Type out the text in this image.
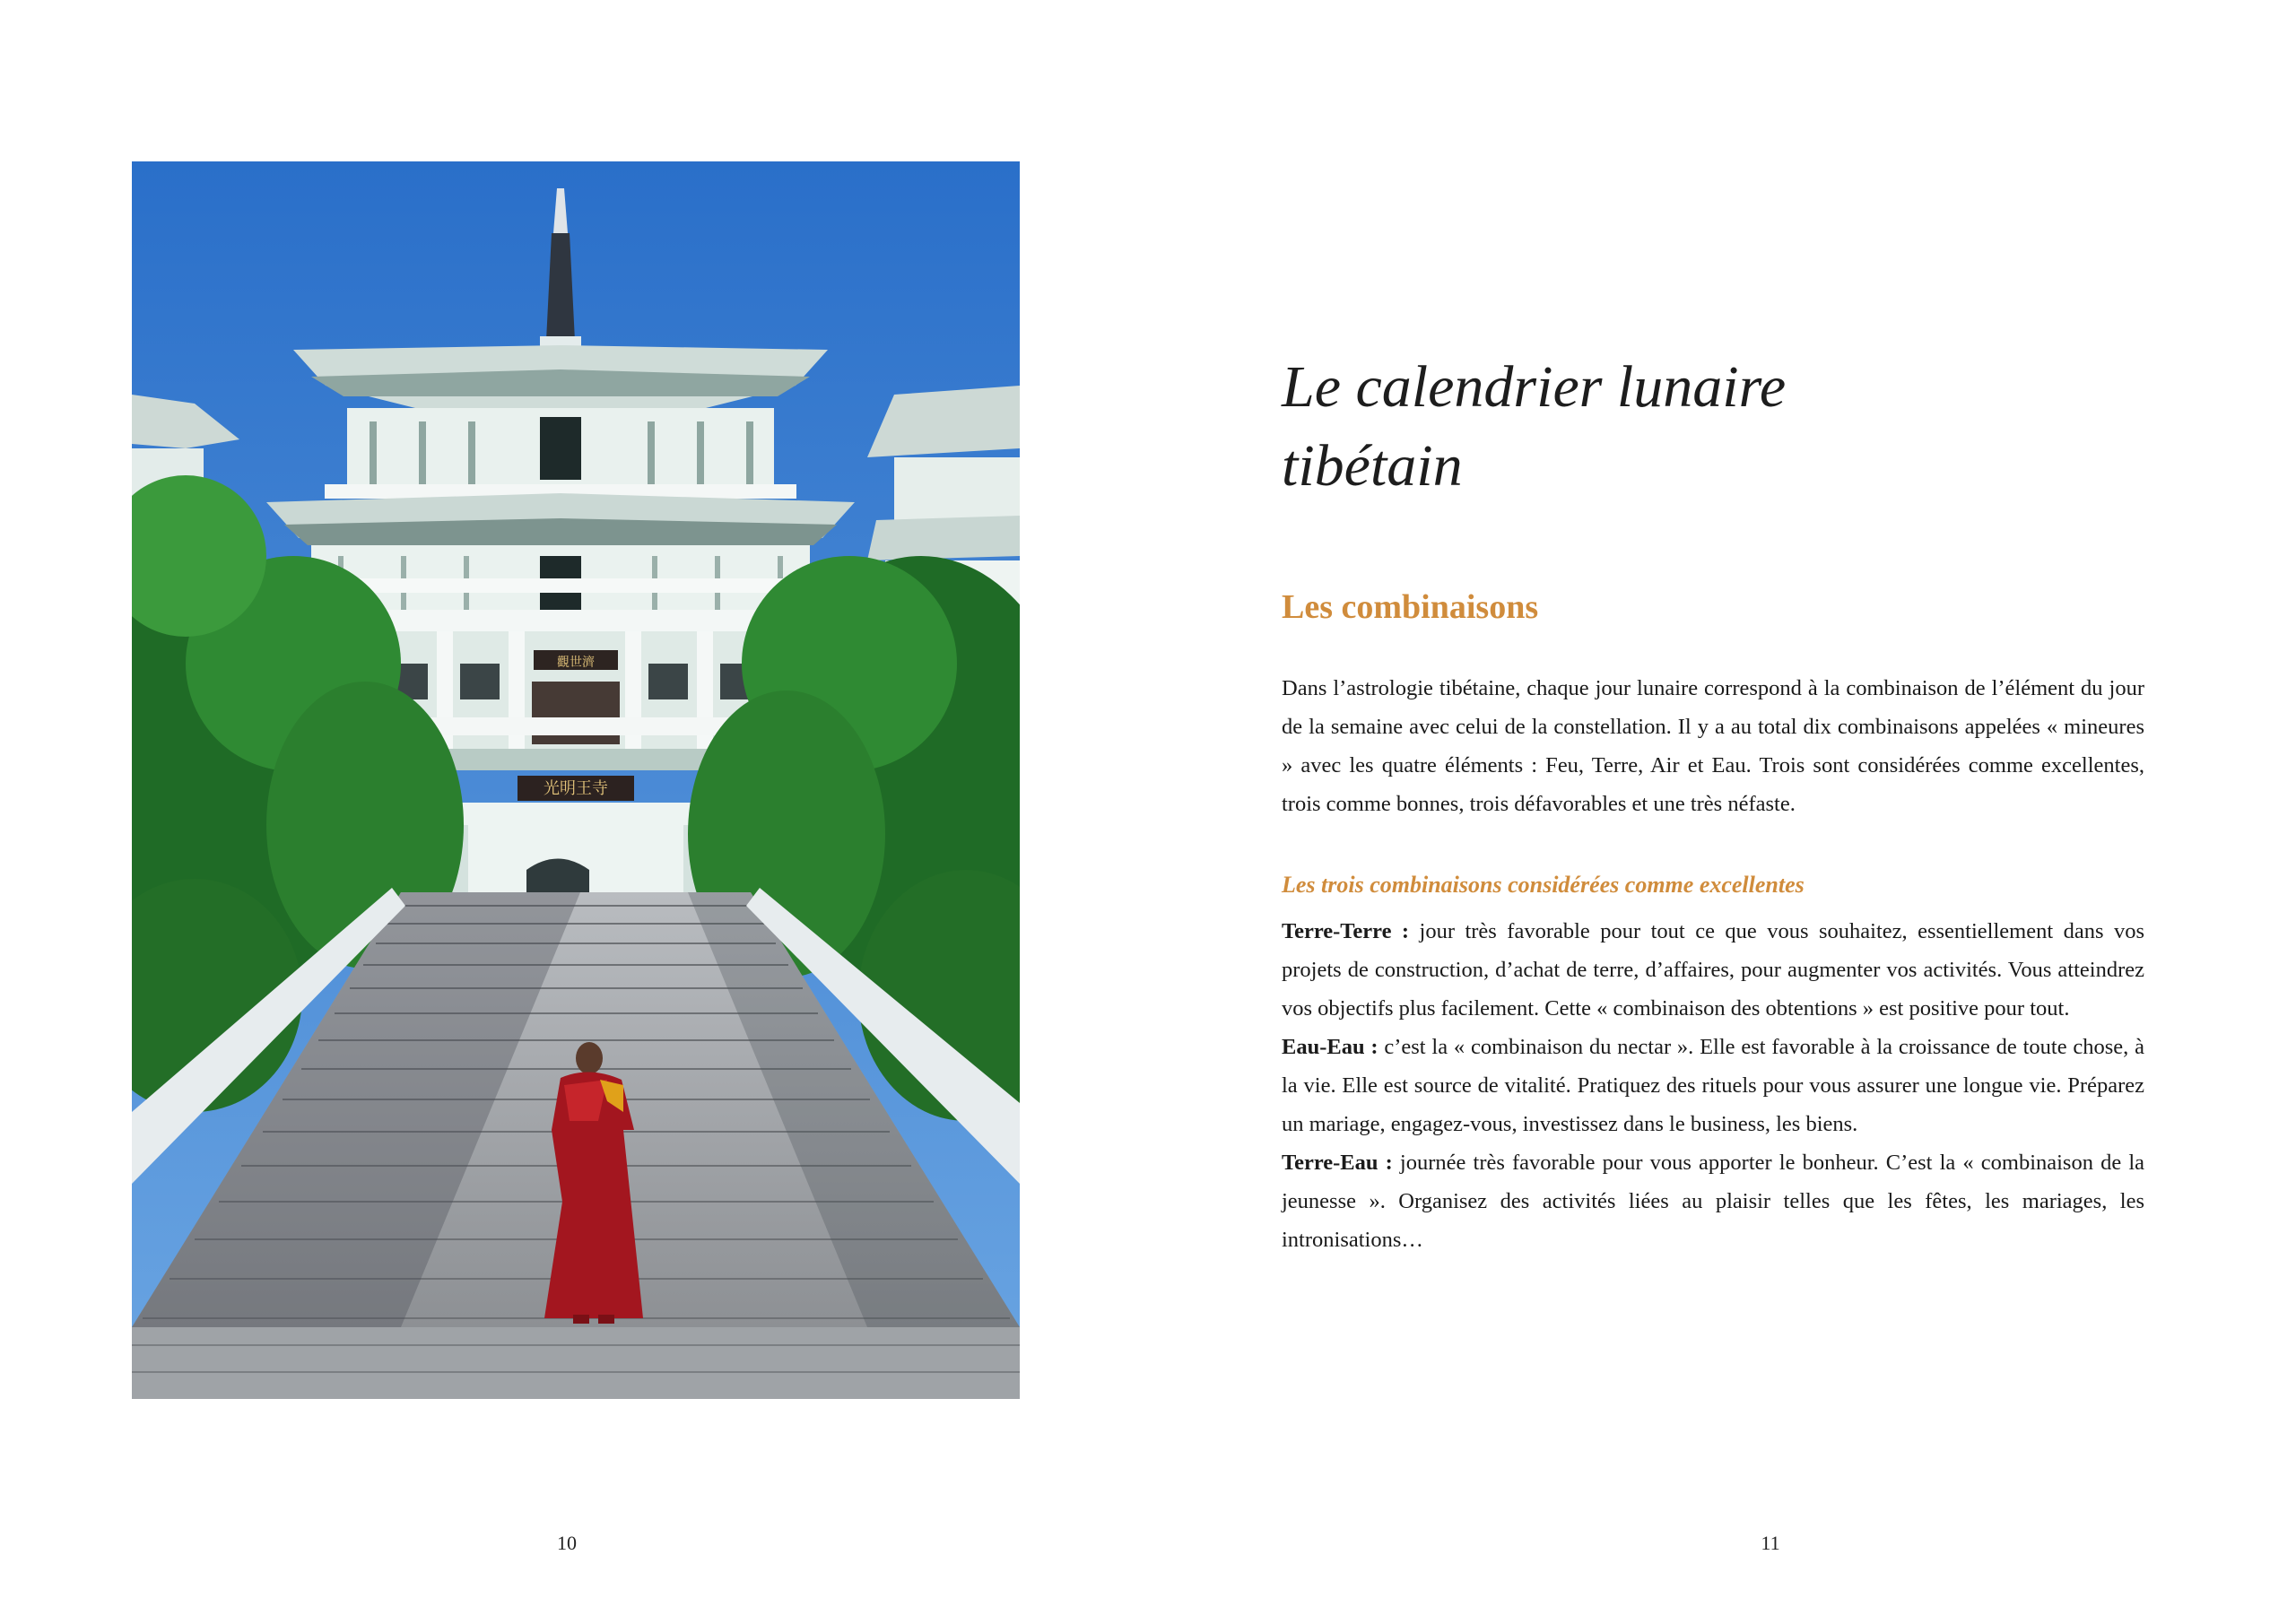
光明王寺
觀世濟
10
Le calendrier lunaire
tibétain
Les combinaisons

Dans l’astrologie tibétaine, chaque jour lunaire correspond à la combinaison de l’élément du jour de la semaine avec celui de la constellation. Il y a au total dix combinaisons appelées « mineures » avec les quatre éléments : Feu, Terre, Air et Eau. Trois sont considérées comme excellentes, trois comme bonnes, trois défavorables et une très néfaste.

Les trois combinaisons considérées comme excellentes

Terre-Terre : jour très favorable pour tout ce que vous souhaitez, essentiellement dans vos projets de construction, d’achat de terre, d’affaires, pour augmenter vos activités. Vous atteindrez vos objectifs plus facilement. Cette « combinaison des obtentions » est positive pour tout.

Eau-Eau : c’est la « combinaison du nectar ». Elle est favorable à la croissance de toute chose, à la vie. Elle est source de vitalité. Pratiquez des rituels pour vous assurer une longue vie. Préparez un mariage, engagez-vous, investissez dans le business, les biens.

Terre-Eau : journée très favorable pour vous apporter le bonheur. C’est la « combinaison de la jeunesse ». Organisez des activités liées au plaisir telles que les fêtes, les mariages, les intronisations…

11
